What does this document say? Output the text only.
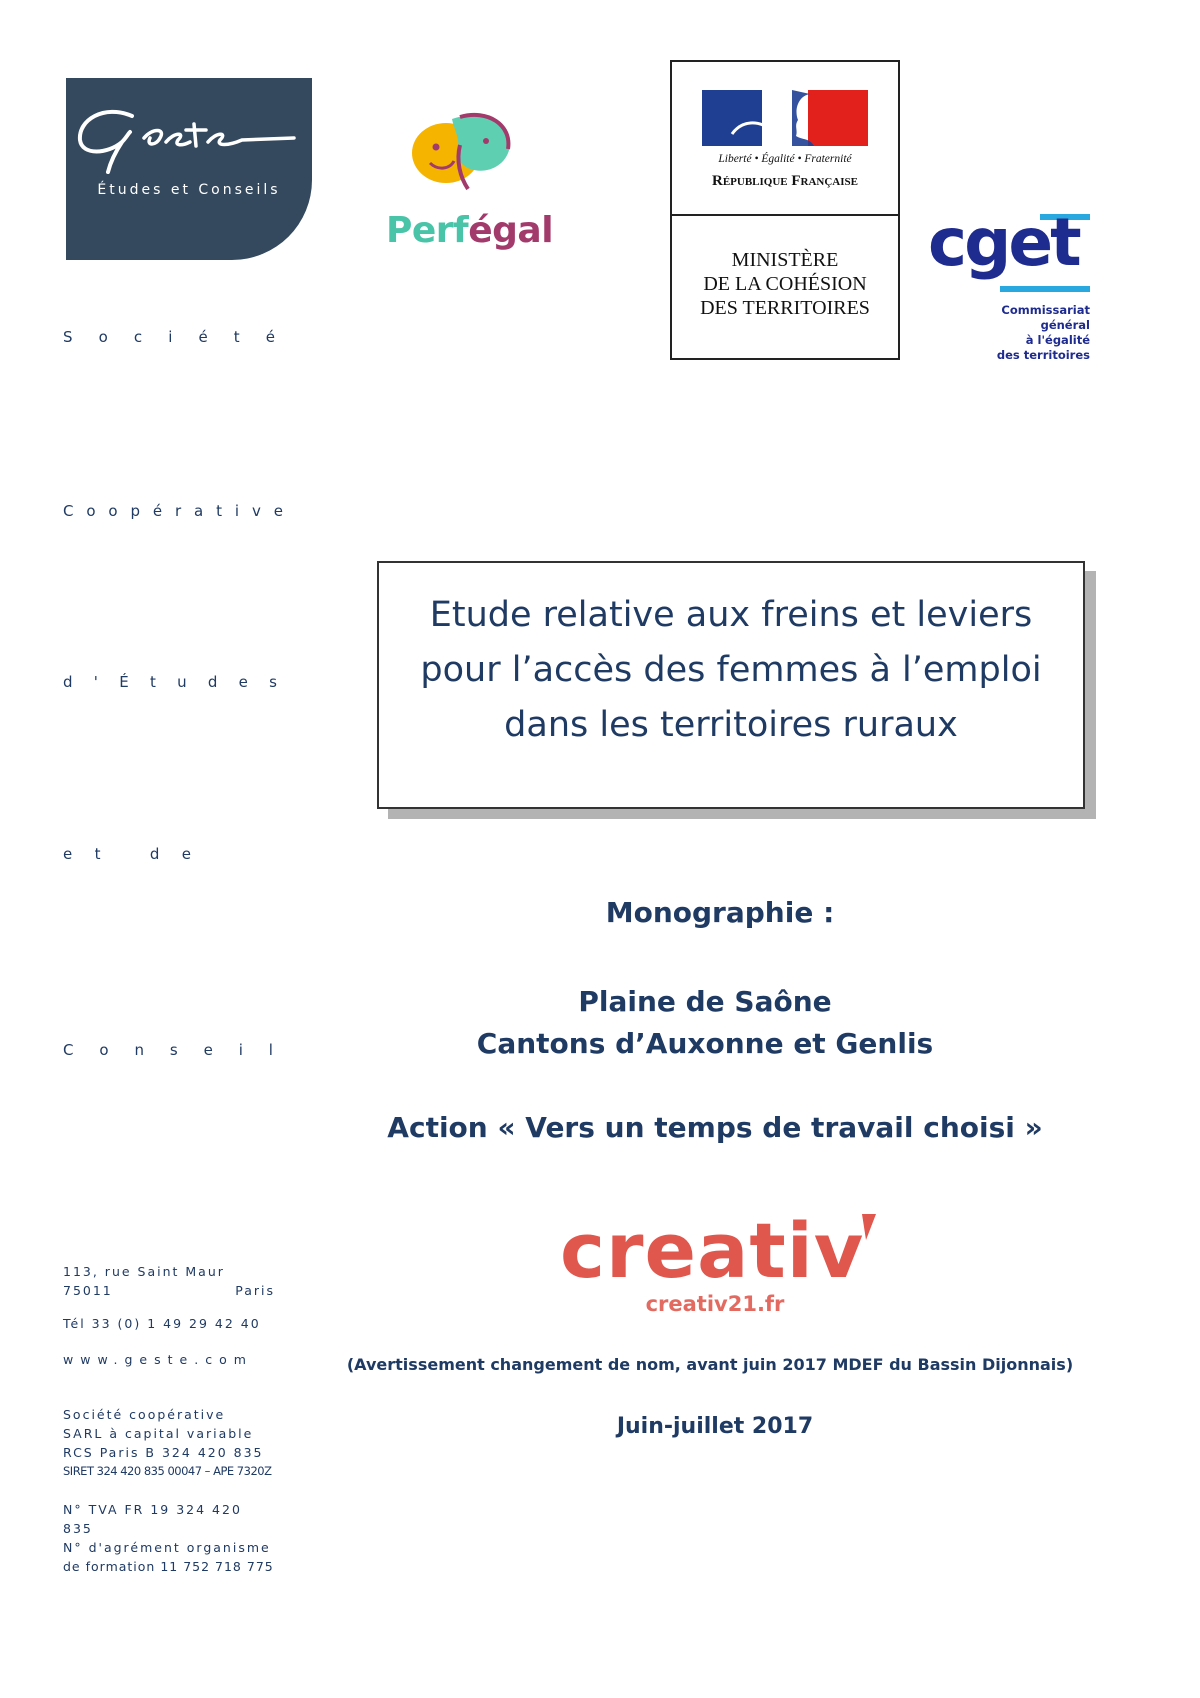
Études et Conseils
Perfégal
Liberté • Égalité • Fraternité
République Française
MINISTÈRE
DE LA COHÉSION
DES TERRITOIRES
cget
Commissariat
général
à l'égalité
des territoires
S o c i é t é
C o o p é r a t i v e
d ' É t u d e s
e t
	d e
C o n s e i l
113, rue Saint Maur
75011	Paris
Tél 33 (0) 1 49 29 42 40
www.geste.com
Société coopérative
SARL à capital variable
RCS Paris B 324 420 835
SIRET 324 420 835 00047 – APE 7320Z
N° TVA FR 19 324 420 835
N° d'agrément organisme
de formation 11 752 718 775
Etude relative aux freins et leviers
pour l’accès des femmes à l’emploi
dans les territoires ruraux
Monographie :
Plaine de Saône
Cantons d’Auxonne et Genlis
Action « Vers un temps de travail choisi »
creativ
creativ21.fr
(Avertissement changement de nom, avant juin 2017 MDEF du Bassin Dijonnais)
Juin-juillet 2017
